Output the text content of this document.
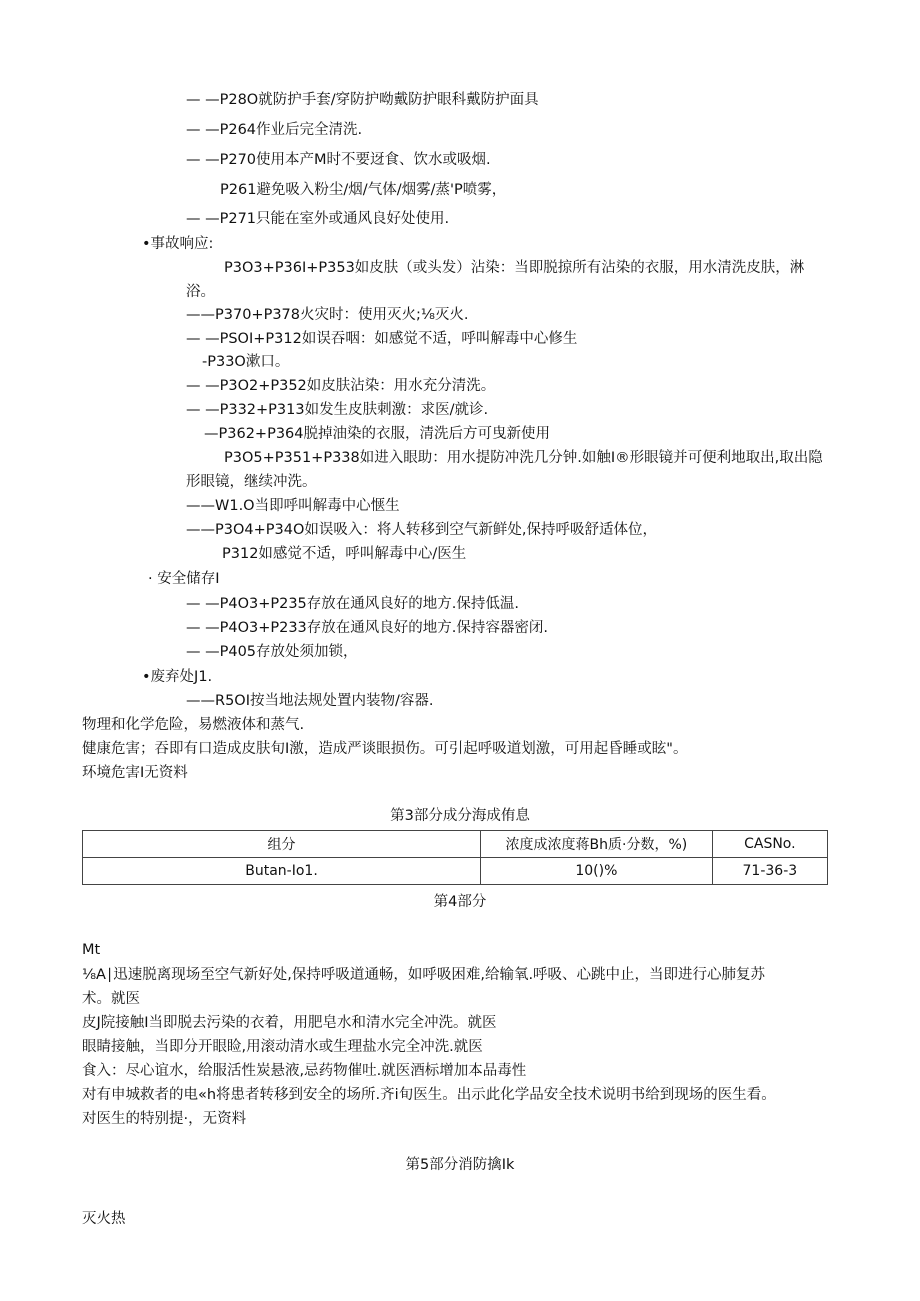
— —P28O就防护手套/穿防护呦戴防护眼科戴防护面具
— —P264作业后完全清洗.
— —P270使用本产M时不要迓食、饮水或吸烟.
P261避免吸入粉尘/烟/气体/烟雾/蒸'P喷雾，
— —P271只能在室外或通风良好处使用.
•事故响应:
P3O3+P36I+P353如皮肤（或头发）沾染：当即脱掠所有沾染的衣服，用水清洗皮肤，淋
浴。
——P370+P378火灾时：使用灭火;⅛灭火.
— —PSOI+P312如误吞咽：如感觉不适，呼叫解毒中心修生
-P33O漱口。
— —P3O2+P352如皮肤沾染：用水充分清洗。
— —P332+P313如发生皮肤刺激：求医/就诊.
—P362+P364脱掉油染的衣服，清洗后方可曳新使用
P3O5+P351+P338如进入眼助：用水提防冲洗几分钟.如触I®形眼镜并可便利地取出,取出隐
形眼镜，继续冲洗。
——W1.O当即呼叫解毒中心惬生
——P3O4+P34O如误吸入：将人转移到空气新鲜处,保持呼吸舒适体位，
P312如感觉不适，呼叫解毒中心/医生
· 安全储存I
— —P4O3+P235存放在通风良好的地方.保持低温.
— —P4O3+P233存放在通风良好的地方.保持容器密闭.
— —P405存放处须加锁，
•废弃处J1.
——R5OI按当地法规处置内装物/容器.
物理和化学危险，易燃液体和蒸气.
健康危害；吞即有口造成皮肤旬I激，造成严谈眼损伤。可引起呼吸道划激，可用起昏睡或眩"。
环境危害I无资料
第3部分成分海成侑息
组分	浓度成浓度蒋Bh质·分数，%)	CASNo.
Butan-Io1.	10()%	71-36-3
第4部分
Mt
⅛A∣迅速脱离现场至空气新好处,保持呼吸道通畅，如呼吸困难,给输氧.呼吸、心跳中止，当即进行心肺复苏
术。就医
皮J院接触I当即脱去污染的衣着，用肥皂水和清水完全冲洗。就医
眼睛接触，当即分开眼睑,用滚动清水或生理盐水完全冲洗.就医
食入：尽心谊水，给服活性炭悬液,忌药物催吐.就医酒标增加本品毒性
对有申城救者的电«h将患者转移到安全的场所.齐i旬医生。出示此化学品安全技术说明书给到现场的医生看。
对医生的特别提·，无资料
第5部分消防擒Ik
灭火热
